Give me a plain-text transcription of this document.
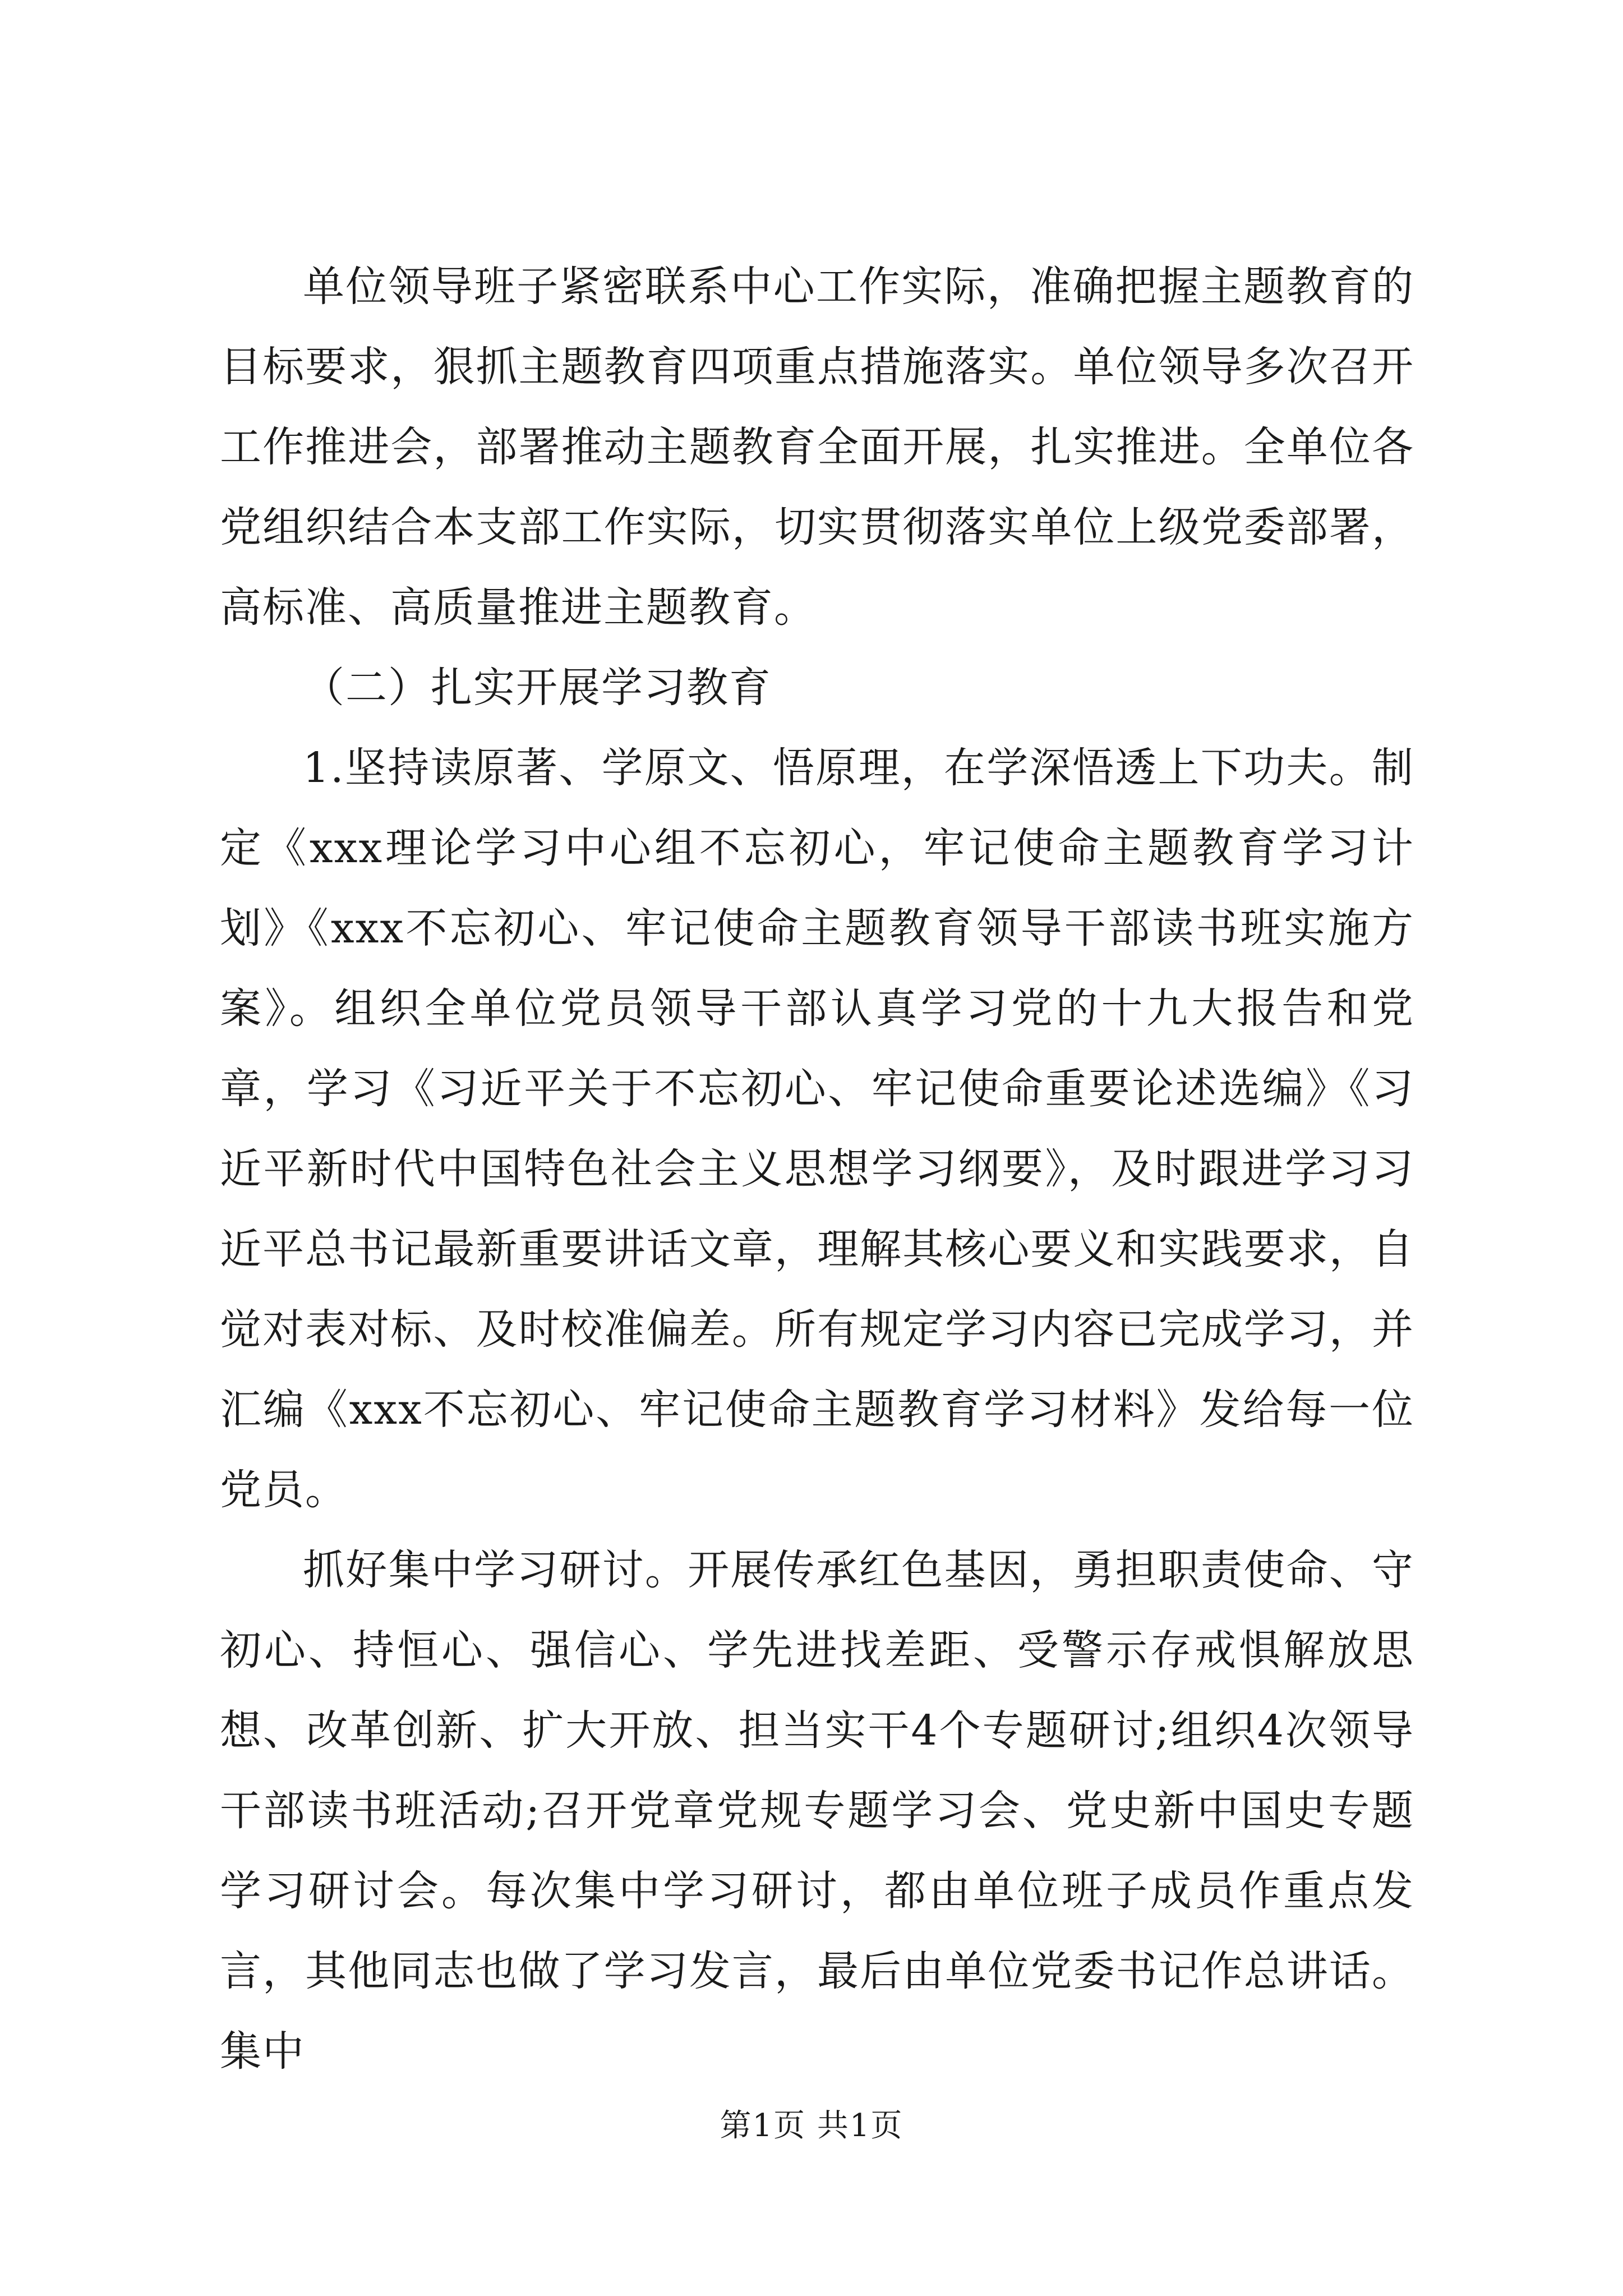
单位领导班子紧密联系中心工作实际，准确把握主题教育的目标要求，狠抓主题教育四项重点措施落实。单位领导多次召开工作推进会，部署推动主题教育全面开展，扎实推进。全单位各党组织结合本支部工作实际，切实贯彻落实单位上级党委部署，高标准、高质量推进主题教育。

（二）扎实开展学习教育

1.坚持读原著、学原文、悟原理，在学深悟透上下功夫。制定《xxx理论学习中心组不忘初心，牢记使命主题教育学习计划》《xxx不忘初心、牢记使命主题教育领导干部读书班实施方案》。组织全单位党员领导干部认真学习党的十九大报告和党章，学习《习近平关于不忘初心、牢记使命重要论述选编》《习近平新时代中国特色社会主义思想学习纲要》，及时跟进学习习近平总书记最新重要讲话文章，理解其核心要义和实践要求，自觉对表对标、及时校准偏差。所有规定学习内容已完成学习，并汇编《xxx不忘初心、牢记使命主题教育学习材料》发给每一位党员。

抓好集中学习研讨。开展传承红色基因，勇担职责使命、守初心、持恒心、强信心、学先进找差距、受警示存戒惧解放思想、改革创新、扩大开放、担当实干4个专题研讨;组织4次领导干部读书班活动;召开党章党规专题学习会、党史新中国史专题学习研讨会。每次集中学习研讨，都由单位班子成员作重点发言，其他同志也做了学习发言，最后由单位党委书记作总讲话。集中

第1页 共1页
